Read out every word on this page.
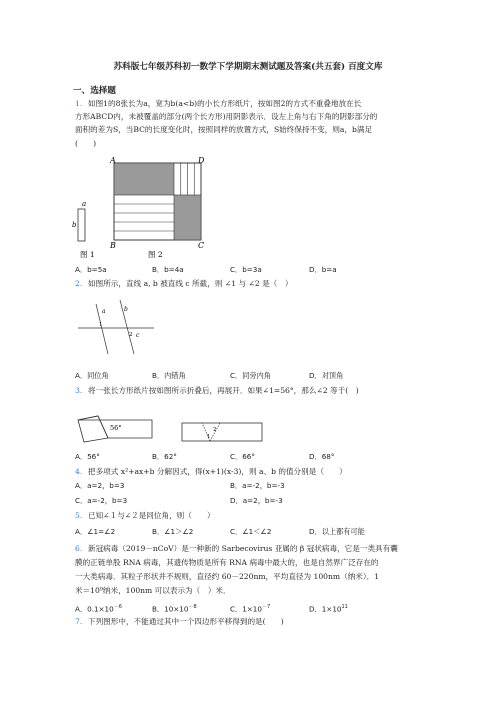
苏科版七年级苏科初一数学下学期期末测试题及答案(共五套) 百度文库
一、选择题
1. 如图1的8张长为a，宽为b(a<b)的小长方形纸片，按如图2的方式不重叠地放在长
方形ABCD内，未被覆盖的部分(两个长方形)用阴影表示．设左上角与右下角的阴影部分的
面积的差为S，当BC的长度变化时，按照同样的放置方式，S始终保持不变，则a，b满足
(　　)
a
b
A	D
B	C
图 1	图 2
A．b=5a	B．b=4a	C．b=3a	D．b=a
2. 如图所示，直线 a, b 被直线 c 所截，则 ∠1 与 ∠2 是（　）
a	b
c
1
2
A．同位角	B．内错角	C．同旁内角	D．对顶角
3. 将一张长方形纸片按如图所示折叠后，再展开．如果∠1=56°，那么∠2 等于(　)
56°	2
1
A．56°	B．62°	C．66°	D．68°
4. 把多项式 x²+ax+b 分解因式，得(x+1)(x-3)，则 a、b 的值分别是（　　）
A．a=2，b=3	B．a=-2，b=-3
C．a=-2，b=3	D．a=2，b=-3
5. 已知∠１与∠２是同位角，则（　　）
A．∠1=∠2	B．∠1＞∠2	C．∠1＜∠2	D．以上都有可能
6. 新冠病毒（2019－nCoV）是一种新的 Sarbecovirus 亚属的 β 冠状病毒，它是一类具有囊
膜的正链单股 RNA 病毒，其遗传物质是所有 RNA 病毒中最大的，也是自然界广泛存在的
一大类病毒．其粒子形状并不规则，直径约 60－220nm，平均直径为 100nm（纳米）．1
米＝10⁹纳米，100nm 可以表示为（　）米．
A．$0.1\times 10^{-6}$	B．$10\times 10^{-8}$	C．$1\times 10^{-7}$	D．$1\times 10^{11}$
7. 下列图形中，不能通过其中一个四边形平移得到的是(　　)
